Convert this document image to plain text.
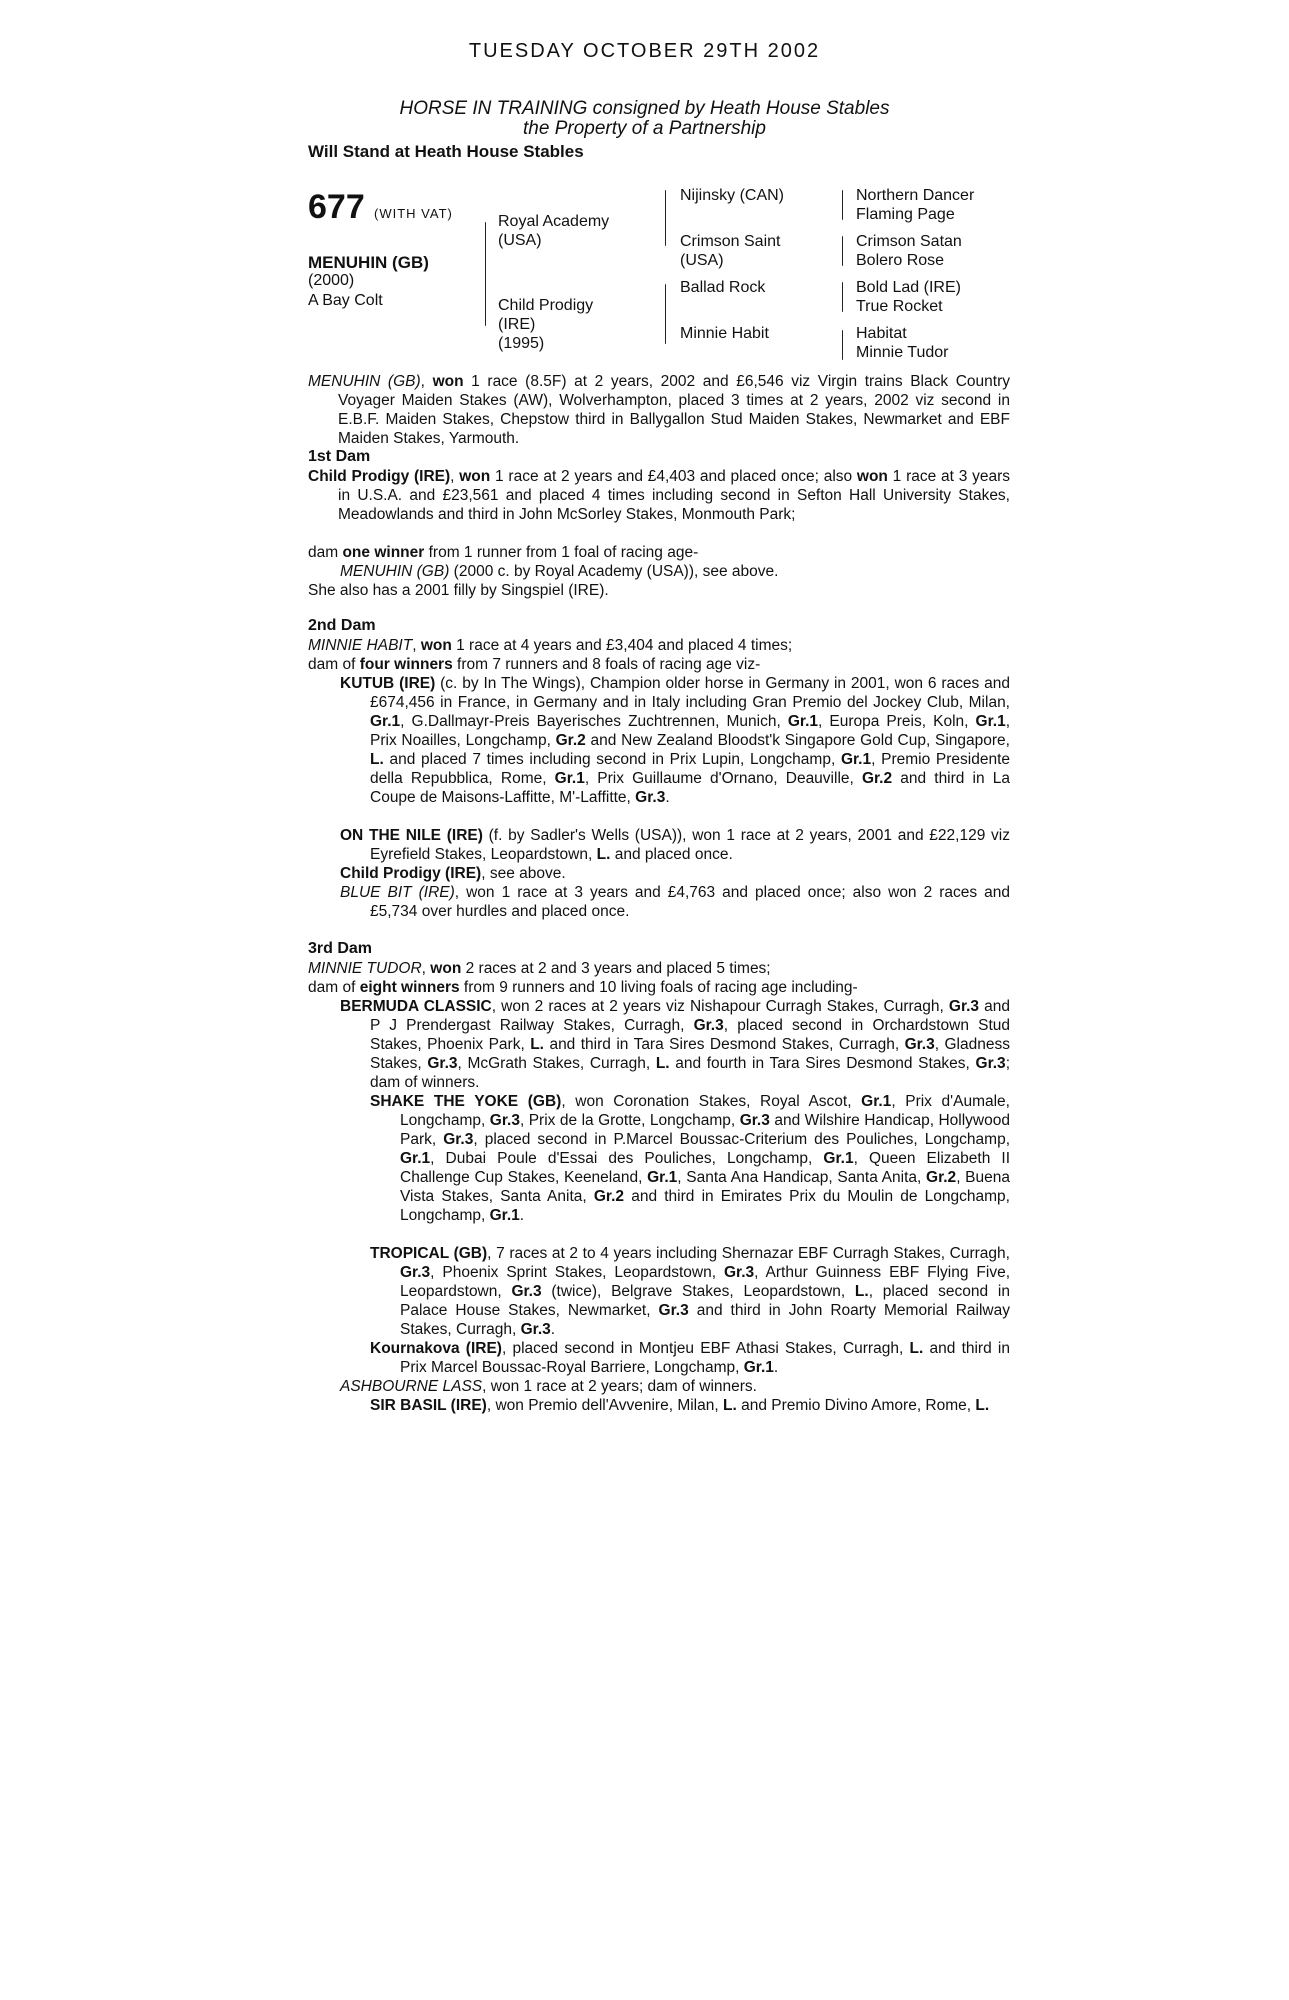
TUESDAY OCTOBER 29TH 2002
HORSE IN TRAINING consigned by Heath House Stables
the Property of a Partnership
Will Stand at Heath House Stables
677 (WITH VAT)
MENUHIN (GB)
(2000)
A Bay Colt
Royal Academy
(USA)
Child Prodigy
(IRE)
(1995)
Nijinsky (CAN)
Crimson Saint
(USA)
Ballad Rock
Minnie Habit
Northern Dancer
Flaming Page
Crimson Satan
Bolero Rose
Bold Lad (IRE)
True Rocket
Habitat
Minnie Tudor
MENUHIN (GB), won 1 race (8.5F) at 2 years, 2002 and £6,546 viz Virgin trains Black Country Voyager Maiden Stakes (AW), Wolverhampton, placed 3 times at 2 years, 2002 viz second in E.B.F. Maiden Stakes, Chepstow third in Ballygallon Stud Maiden Stakes, Newmarket and EBF Maiden Stakes, Yarmouth.
1st Dam
Child Prodigy (IRE), won 1 race at 2 years and £4,403 and placed once; also won 1 race at 3 years in U.S.A. and £23,561 and placed 4 times including second in Sefton Hall University Stakes, Meadowlands and third in John McSorley Stakes, Monmouth Park;
dam one winner from 1 runner from 1 foal of racing age-
MENUHIN (GB) (2000 c. by Royal Academy (USA)), see above.
She also has a 2001 filly by Singspiel (IRE).
2nd Dam
MINNIE HABIT, won 1 race at 4 years and £3,404 and placed 4 times;
dam of four winners from 7 runners and 8 foals of racing age viz-
KUTUB (IRE) (c. by In The Wings), Champion older horse in Germany in 2001, won 6 races and £674,456 in France, in Germany and in Italy including Gran Premio del Jockey Club, Milan, Gr.1, G.Dallmayr-Preis Bayerisches Zuchtrennen, Munich, Gr.1, Europa Preis, Koln, Gr.1, Prix Noailles, Longchamp, Gr.2 and New Zealand Bloodst'k Singapore Gold Cup, Singapore, L. and placed 7 times including second in Prix Lupin, Longchamp, Gr.1, Premio Presidente della Repubblica, Rome, Gr.1, Prix Guillaume d'Ornano, Deauville, Gr.2 and third in La Coupe de Maisons-Laffitte, M'-Laffitte, Gr.3.
ON THE NILE (IRE) (f. by Sadler's Wells (USA)), won 1 race at 2 years, 2001 and £22,129 viz Eyrefield Stakes, Leopardstown, L. and placed once.
Child Prodigy (IRE), see above.
BLUE BIT (IRE), won 1 race at 3 years and £4,763 and placed once; also won 2 races and £5,734 over hurdles and placed once.
3rd Dam
MINNIE TUDOR, won 2 races at 2 and 3 years and placed 5 times;
dam of eight winners from 9 runners and 10 living foals of racing age including-
BERMUDA CLASSIC, won 2 races at 2 years viz Nishapour Curragh Stakes, Curragh, Gr.3 and P J Prendergast Railway Stakes, Curragh, Gr.3, placed second in Orchardstown Stud Stakes, Phoenix Park, L. and third in Tara Sires Desmond Stakes, Curragh, Gr.3, Gladness Stakes, Gr.3, McGrath Stakes, Curragh, L. and fourth in Tara Sires Desmond Stakes, Gr.3; dam of winners.
SHAKE THE YOKE (GB), won Coronation Stakes, Royal Ascot, Gr.1, Prix d'Aumale, Longchamp, Gr.3, Prix de la Grotte, Longchamp, Gr.3 and Wilshire Handicap, Hollywood Park, Gr.3, placed second in P.Marcel Boussac-Criterium des Pouliches, Longchamp, Gr.1, Dubai Poule d'Essai des Pouliches, Longchamp, Gr.1, Queen Elizabeth II Challenge Cup Stakes, Keeneland, Gr.1, Santa Ana Handicap, Santa Anita, Gr.2, Buena Vista Stakes, Santa Anita, Gr.2 and third in Emirates Prix du Moulin de Longchamp, Longchamp, Gr.1.
TROPICAL (GB), 7 races at 2 to 4 years including Shernazar EBF Curragh Stakes, Curragh, Gr.3, Phoenix Sprint Stakes, Leopardstown, Gr.3, Arthur Guinness EBF Flying Five, Leopardstown, Gr.3 (twice), Belgrave Stakes, Leopardstown, L., placed second in Palace House Stakes, Newmarket, Gr.3 and third in John Roarty Memorial Railway Stakes, Curragh, Gr.3.
Kournakova (IRE), placed second in Montjeu EBF Athasi Stakes, Curragh, L. and third in Prix Marcel Boussac-Royal Barriere, Longchamp, Gr.1.
ASHBOURNE LASS, won 1 race at 2 years; dam of winners.
SIR BASIL (IRE), won Premio dell'Avvenire, Milan, L. and Premio Divino Amore, Rome, L.
